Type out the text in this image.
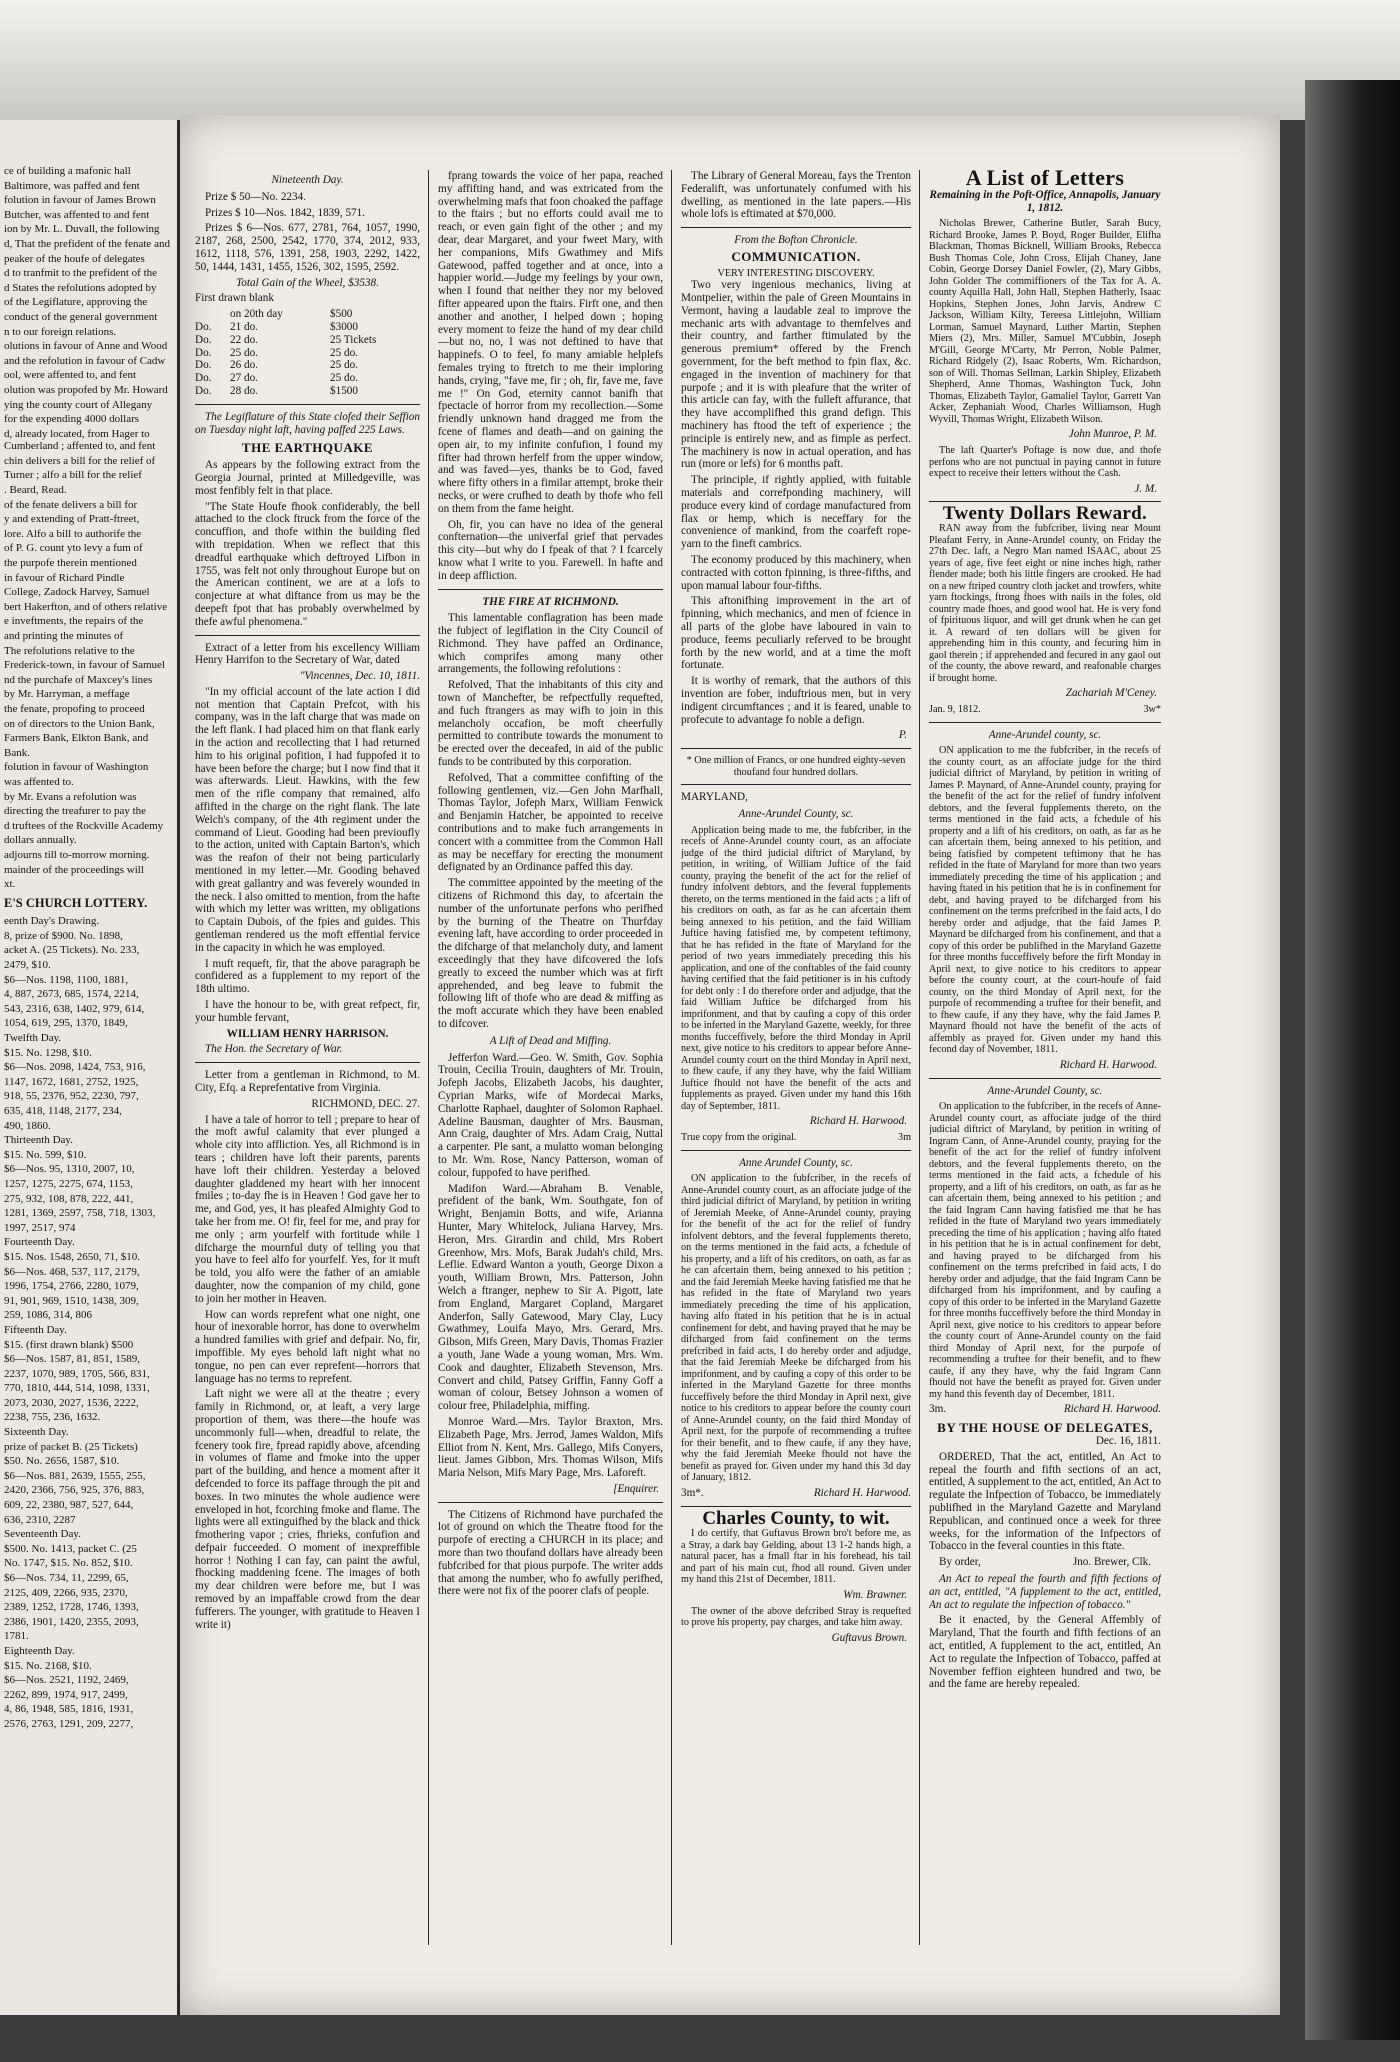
ce of building a mafonic hall

Baltimore, was paffed and fent

folution in favour of James Brown

Butcher, was affented to and fent

ion by Mr. L. Duvall, the following

d, That the prefident of the fenate and

peaker of the houfe of delegates

d to tranfmit to the prefident of the

d States the refolutions adopted by

of the Legiflature, approving the

conduct of the general government

n to our foreign relations.

olutions in favour of Anne and Wood

and the refolution in favour of Cadw

ool, were affented to, and fent

olution was propofed by Mr. Howard

ying the county court of Allegany

for the expending 4000 dollars

d, already located, from Hager to Cumberland ; affented to, and fent

chin delivers a bill for the relief of

Turner ; alfo a bill for the relief

. Beard, Read.

of the fenate delivers a bill for

y and extending of Pratt-ftreet,

lore. Alfo a bill to authorife the

of P. G. count yto levy a fum of

the purpofe therein mentioned

in favour of Richard Pindle

College, Zadock Harvey, Samuel

bert Hakerfton, and of others relative

e inveftments, the repairs of the

and printing the minutes of

The refolutions relative to the

Frederick-town, in favour of Samuel

nd the purchafe of Maxcey's lines

by Mr. Harryman, a meffage

the fenate, propofing to proceed

on of directors to the Union Bank,

Farmers Bank, Elkton Bank, and

Bank.

folution in favour of Washington

was affented to.

by Mr. Evans a refolution was

directing the treafurer to pay the

d truftees of the Rockville Academy

dollars annually.

adjourns till to-morrow morning.

mainder of the proceedings will

xt.

E'S CHURCH LOTTERY.

eenth Day's Drawing.

8, prize of $900. No. 1898,

acket A. (25 Tickets). No. 233,

2479, $10.

$6—Nos. 1198, 1100, 1881,

4, 887, 2673, 685, 1574, 2214,

543, 2316, 638, 1402, 979, 614,

1054, 619, 295, 1370, 1849,

Twelfth Day.

$15. No. 1298, $10.

$6—Nos. 2098, 1424, 753, 916,

1147, 1672, 1681, 2752, 1925,

918, 55, 2376, 952, 2230, 797,

635, 418, 1148, 2177, 234,

490, 1860.

Thirteenth Day.

$15. No. 599, $10.

$6—Nos. 95, 1310, 2007, 10,

1257, 1275, 2275, 674, 1153,

275, 932, 108, 878, 222, 441,

1281, 1369, 2597, 758, 718, 1303,

1997, 2517, 974

Fourteenth Day.

$15. Nos. 1548, 2650, 71, $10.

$6—Nos. 468, 537, 117, 2179,

1996, 1754, 2766, 2280, 1079,

91, 901, 969, 1510, 1438, 309,

259, 1086, 314, 806

Fifteenth Day.

$15. (first drawn blank) $500

$6—Nos. 1587, 81, 851, 1589,

2237, 1070, 989, 1705, 566, 831,

770, 1810, 444, 514, 1098, 1331,

2073, 2030, 2027, 1536, 2222,

2238, 755, 236, 1632.

Sixteenth Day.

prize of packet B. (25 Tickets)

$50. No. 2656, 1587, $10.

$6—Nos. 881, 2639, 1555, 255,

2420, 2366, 756, 925, 376, 883,

609, 22, 2380, 987, 527, 644,

636, 2310, 2287

Seventeenth Day.

$500. No. 1413, packet C. (25

No. 1747, $15. No. 852, $10.

$6—Nos. 734, 11, 2299, 65,

2125, 409, 2266, 935, 2370,

2389, 1252, 1728, 1746, 1393,

2386, 1901, 1420, 2355, 2093,

1781.

Eighteenth Day.

$15. No. 2168, $10.

$6—Nos. 2521, 1192, 2469,

2262, 899, 1974, 917, 2499,

4, 86, 1948, 585, 1816, 1931,

2576, 2763, 1291, 209, 2277,

Nineteenth Day.

Prize $ 50—No. 2234.

Prizes $ 10—Nos. 1842, 1839, 571.

Prizes $ 6—Nos. 677, 2781, 764, 1057, 1990, 2187, 268, 2500, 2542, 1770, 374, 2012, 933, 1612, 1118, 576, 1391, 258, 1903, 2292, 1422, 50, 1444, 1431, 1455, 1526, 302, 1595, 2592.

Total Gain of the Wheel, $3538.

First drawn blank

on 20th day	$500
Do.	21 do.	$3000
Do.	22 do.	25 Tickets
Do.	25 do.	25 do.
Do.	26 do.	25 do.
Do.	27 do.	25 do.
Do.	28 do.	$1500

The Legiflature of this State clofed their Seffion on Tuesday night laft, having paffed 225 Laws.

THE EARTHQUAKE

As appears by the following extract from the Georgia Journal, printed at Milledgeville, was most fenfibly felt in that place.

"The State Houfe fhook confiderably, the bell attached to the clock ftruck from the force of the concuffion, and thofe within the building fled with trepidation. When we reflect that this dreadful earthquake which deftroyed Lifbon in 1755, was felt not only throughout Europe but on the American continent, we are at a lofs to conjecture at what diftance from us may be the deepeft fpot that has probably overwhelmed by thefe awful phenomena."

Extract of a letter from his excellency William Henry Harrifon to the Secretary of War, dated

"Vincennes, Dec. 10, 1811.

"In my official account of the late action I did not mention that Captain Prefcot, with his company, was in the laft charge that was made on the left flank. I had placed him on that flank early in the action and recollecting that I had returned him to his original pofition, I had fuppofed it to have been before the charge; but I now find that it was afterwards. Lieut. Hawkins, with the few men of the rifle company that remained, alfo affifted in the charge on the right flank. The late Welch's company, of the 4th regiment under the command of Lieut. Gooding had been previoufly to the action, united with Captain Barton's, which was the reafon of their not being particularly mentioned in my letter.—Mr. Gooding behaved with great gallantry and was feverely wounded in the neck. I also omitted to mention, from the hafte with which my letter was written, my obligations to Captain Dubois, of the fpies and guides. This gentleman rendered us the moft effential fervice in the capacity in which he was employed.

I muft requeft, fir, that the above paragraph be confidered as a fupplement to my report of the 18th ultimo.

I have the honour to be, with great refpect, fir, your humble fervant,

WILLIAM HENRY HARRISON.

The Hon. the Secretary of War.

Letter from a gentleman in Richmond, to M. City, Efq. a Reprefentative from Virginia.

RICHMOND, DEC. 27.

I have a tale of horror to tell ; prepare to hear of the moft awful calamity that ever plunged a whole city into affliction. Yes, all Richmond is in tears ; children have loft their parents, parents have loft their children. Yesterday a beloved daughter gladdened my heart with her innocent fmiles ; to-day fhe is in Heaven ! God gave her to me, and God, yes, it has pleafed Almighty God to take her from me. O! fir, feel for me, and pray for me only ; arm yourfelf with fortitude while I difcharge the mournful duty of telling you that you have to feel alfo for yourfelf. Yes, for it muft be told, you alfo were the father of an amiable daughter, now the companion of my child, gone to join her mother in Heaven.

How can words reprefent what one night, one hour of inexorable horror, has done to overwhelm a hundred families with grief and defpair. No, fir, impoffible. My eyes behold laft night what no tongue, no pen can ever reprefent—horrors that language has no terms to reprefent.

Laft night we were all at the theatre ; every family in Richmond, or, at leaft, a very large proportion of them, was there—the houfe was uncommonly full—when, dreadful to relate, the fcenery took fire, fpread rapidly above, afcending in volumes of flame and fmoke into the upper part of the building, and hence a moment after it defcended to force its paffage through the pit and boxes. In two minutes the whole audience were enveloped in hot, fcorching fmoke and flame. The lights were all extinguifhed by the black and thick fmothering vapor ; cries, fhrieks, confufion and defpair fucceeded. O moment of inexpreffible horror ! Nothing I can fay, can paint the awful, fhocking maddening fcene. The images of both my dear children were before me, but I was removed by an impaffable crowd from the dear fufferers. The younger, with gratitude to Heaven I write it)

fprang towards the voice of her papa, reached my affifting hand, and was extricated from the overwhelming mafs that foon choaked the paffage to the ftairs ; but no efforts could avail me to reach, or even gain fight of the other ; and my dear, dear Margaret, and your fweet Mary, with her companions, Mifs Gwathmey and Mifs Gatewood, paffed together and at once, into a happier world.—Judge my feelings by your own, when I found that neither they nor my beloved fifter appeared upon the ftairs. Firft one, and then another and another, I helped down ; hoping every moment to feize the hand of my dear child—but no, no, I was not deftined to have that happinefs. O to feel, fo many amiable helplefs females trying to ftretch to me their imploring hands, crying, "fave me, fir ; oh, fir, fave me, fave me !" On God, eternity cannot banifh that fpectacle of horror from my recollection.—Some friendly unknown hand dragged me from the fcene of flames and death—and on gaining the open air, to my infinite confufion, I found my fifter had thrown herfelf from the upper window, and was faved—yes, thanks be to God, faved where fifty others in a fimilar attempt, broke their necks, or were crufhed to death by thofe who fell on them from the fame height.

Oh, fir, you can have no idea of the general confternation—the univerfal grief that pervades this city—but why do I fpeak of that ? I fcarcely know what I write to you. Farewell. In hafte and in deep affliction.

THE FIRE AT RICHMOND.

This lamentable conflagration has been made the fubject of legiflation in the City Council of Richmond. They have paffed an Ordinance, which comprifes among many other arrangements, the following refolutions :

Refolved, That the inhabitants of this city and town of Manchefter, be refpectfully requefted, and fuch ftrangers as may wifh to join in this melancholy occafion, be moft cheerfully permitted to contribute towards the monument to be erected over the deceafed, in aid of the public funds to be contributed by this corporation.

Refolved, That a committee confifting of the following gentlemen, viz.—Gen John Marfhall, Thomas Taylor, Jofeph Marx, William Fenwick and Benjamin Hatcher, be appointed to receive contributions and to make fuch arrangements in concert with a committee from the Common Hall as may be neceffary for erecting the monument defignated by an Ordinance paffed this day.

The committee appointed by the meeting of the citizens of Richmond this day, to afcertain the number of the unfortunate perfons who perifhed by the burning of the Theatre on Thurfday evening laft, have according to order proceeded in the difcharge of that melancholy duty, and lament exceedingly that they have difcovered the lofs greatly to exceed the number which was at firft apprehended, and beg leave to fubmit the following lift of thofe who are dead & miffing as the moft accurate which they have been enabled to difcover.

A Lift of Dead and Miffing.

Jefferfon Ward.—Geo. W. Smith, Gov. Sophia Trouin, Cecilia Trouin, daughters of Mr. Trouin, Jofeph Jacobs, Elizabeth Jacobs, his daughter, Cyprian Marks, wife of Mordecai Marks, Charlotte Raphael, daughter of Solomon Raphael. Adeline Bausman, daughter of Mrs. Bausman, Ann Craig, daughter of Mrs. Adam Craig, Nuttal a carpenter. Ple sant, a mulatto woman belonging to Mr. Wm. Rose, Nancy Patterson, woman of colour, fuppofed to have perifhed.

Madifon Ward.—Abraham B. Venable, prefident of the bank, Wm. Southgate, fon of Wright, Benjamin Botts, and wife, Arianna Hunter, Mary Whitelock, Juliana Harvey, Mrs. Heron, Mrs. Girardin and child, Mrs Robert Greenhow, Mrs. Mofs, Barak Judah's child, Mrs. Leflie. Edward Wanton a youth, George Dixon a youth, William Brown, Mrs. Patterson, John Welch a ftranger, nephew to Sir A. Pigott, late from England, Margaret Copland, Margaret Anderfon, Sally Gatewood, Mary Clay, Lucy Gwathmey, Louifa Mayo, Mrs. Gerard, Mrs. Gibson, Mifs Green, Mary Davis, Thomas Frazier a youth, Jane Wade a young woman, Mrs. Wm. Cook and daughter, Elizabeth Stevenson, Mrs. Convert and child, Patsey Griffin, Fanny Goff a woman of colour, Betsey Johnson a women of colour free, Philadelphia, miffing.

Monroe Ward.—Mrs. Taylor Braxton, Mrs. Elizabeth Page, Mrs. Jerrod, James Waldon, Mifs Elliot from N. Kent, Mrs. Gallego, Mifs Conyers, lieut. James Gibbon, Mrs. Thomas Wilson, Mifs Maria Nelson, Mifs Mary Page, Mrs. Laforeft.

[Enquirer.

The Citizens of Richmond have purchafed the lot of ground on which the Theatre ftood for the purpofe of erecting a CHURCH in its place; and more than two thoufand dollars have already been fubfcribed for that pious purpofe. The writer adds that among the number, who fo awfully perifhed, there were not fix of the poorer clafs of people.

The Library of General Moreau, fays the Trenton Federalift, was unfortunately confumed with his dwelling, as mentioned in the late papers.—His whole lofs is eftimated at $70,000.

From the Bofton Chronicle.
COMMUNICATION.
VERY INTERESTING DISCOVERY.

Two very ingenious mechanics, living at Montpelier, within the pale of Green Mountains in Vermont, having a laudable zeal to improve the mechanic arts with advantage to themfelves and their country, and farther ftimulated by the generous premium* offered by the French government, for the beft method to fpin flax, &c. engaged in the invention of machinery for that purpofe ; and it is with pleafure that the writer of this article can fay, with the fulleft affurance, that they have accomplifhed this grand defign. This machinery has ftood the teft of experience ; the principle is entirely new, and as fimple as perfect. The machinery is now in actual operation, and has run (more or lefs) for 6 months paft.

The principle, if rightly applied, with fuitable materials and correfponding machinery, will produce every kind of cordage manufactured from flax or hemp, which is neceffary for the convenience of mankind, from the coarfeft rope-yarn to the fineft cambrics.

The economy produced by this machinery, when contracted with cotton fpinning, is three-fifths, and upon manual labour four-fifths.

This aftonifhing improvement in the art of fpinning, which mechanics, and men of fcience in all parts of the globe have laboured in vain to produce, feems peculiarly referved to be brought forth by the new world, and at a time the moft fortunate.

It is worthy of remark, that the authors of this invention are fober, induftrious men, but in very indigent circumftances ; and it is feared, unable to profecute to advantage fo noble a defign.

P.

* One million of Francs, or one hundred eighty-seven thoufand four hundred dollars.

MARYLAND,

Anne-Arundel County, sc.

Application being made to me, the fubfcriber, in the recefs of Anne-Arundel county court, as an affociate judge of the third judicial diftrict of Maryland, by petition, in writing, of William Juftice of the faid county, praying the benefit of the act for the relief of fundry infolvent debtors, and the feveral fupplements thereto, on the terms mentioned in the faid acts ; a lift of his creditors on oath, as far as he can afcertain them being annexed to his petition, and the faid William Juftice having fatisfied me, by competent teftimony, that he has refided in the ftate of Maryland for the period of two years immediately preceding this his application, and one of the conftables of the faid county having certified that the faid petitioner is in his cuftody for debt only : I do therefore order and adjudge, that the faid William Juftice be difcharged from his imprifonment, and that by caufing a copy of this order to be inferted in the Maryland Gazette, weekly, for three months fucceffively, before the third Monday in April next, give notice to his creditors to appear before Anne-Arundel county court on the third Monday in April next, to fhew caufe, if any they have, why the faid William Juftice fhould not have the benefit of the acts and fupplements as prayed. Given under my hand this 16th day of September, 1811.

Richard H. Harwood.

True copy from the original.	3m
Anne Arundel County, sc.

ON application to the fubfcriber, in the recefs of Anne-Arundel county court, as an affociate judge of the third judicial diftrict of Maryland, by petition in writing of Jeremiah Meeke, of Anne-Arundel county, praying for the benefit of the act for the relief of fundry infolvent debtors, and the feveral fupplements thereto, on the terms mentioned in the faid acts, a fchedule of his property, and a lift of his creditors, on oath, as far as he can afcertain them, being annexed to his petition ; and the faid Jeremiah Meeke having fatisfied me that he has refided in the ftate of Maryland two years immediately preceding the time of his application, having alfo ftated in his petition that he is in actual confinement for debt, and having prayed that he may be difcharged from faid confinement on the terms prefcribed in faid acts, I do hereby order and adjudge, that the faid Jeremiah Meeke be difcharged from his imprifonment, and by caufing a copy of this order to be inferted in the Maryland Gazette for three months fucceffively before the third Monday in April next, give notice to his creditors to appear before the county court of Anne-Arundel county, on the faid third Monday of April next, for the purpofe of recommending a truftee for their benefit, and to fhew caufe, if any they have, why the faid Jeremiah Meeke fhould not have the benefit as prayed for. Given under my hand this 3d day of January, 1812.

3m*.	Richard H. Harwood.
Charles County, to wit.

I do certify, that Guftavus Brown bro't before me, as a Stray, a dark bay Gelding, about 13 1-2 hands high, a natural pacer, has a fmall ftar in his forehead, his tail and part of his main cut, fhod all round. Given under my hand this 21st of December, 1811.

Wm. Brawner.

The owner of the above defcribed Stray is requefted to prove his property, pay charges, and take him away.

Guftavus Brown.

A List of Letters
Remaining in the Poft-Office, Annapolis, January 1, 1812.

Nicholas Brewer, Catherine Butler, Sarah Bucy, Richard Brooke, James P. Boyd, Roger Builder, Elifha Blackman, Thomas Bicknell, William Brooks, Rebecca Bush Thomas Cole, John Cross, Elijah Chaney, Jane Cobin, George Dorsey Daniel Fowler, (2), Mary Gibbs, John Golder The commiffioners of the Tax for A. A. county Aquilla Hall, John Hall, Stephen Hatherly, Isaac Hopkins, Stephen Jones, John Jarvis, Andrew C Jackson, William Kilty, Tereesa Littlejohn, William Lorman, Samuel Maynard, Luther Martin, Stephen Miers (2), Mrs. Miller, Samuel M'Cubbin, Joseph M'Gill, George M'Carty, Mr Perron, Noble Palmer, Richard Ridgely (2), Isaac Roberts, Wm. Richardson, son of Will. Thomas Sellman, Larkin Shipley, Elizabeth Shepherd, Anne Thomas, Washington Tuck, John Thomas, Elizabeth Taylor, Gamaliel Taylor, Garrett Van Acker, Zephaniah Wood, Charles Williamson, Hugh Wyvill, Thomas Wright, Elizabeth Wilson.

John Munroe, P. M.

The laft Quarter's Poftage is now due, and thofe perfons who are not punctual in paying cannot in future expect to receive their letters without the Cash.

J. M.

Twenty Dollars Reward.

RAN away from the fubfcriber, living near Mount Pleafant Ferry, in Anne-Arundel county, on Friday the 27th Dec. laft, a Negro Man named ISAAC, about 25 years of age, five feet eight or nine inches high, rather flender made; both his little fingers are crooked. He had on a new ftriped country cloth jacket and trowfers, white yarn ftockings, ftrong fhoes with nails in the foles, old country made fhoes, and good wool hat. He is very fond of fpirituous liquor, and will get drunk when he can get it. A reward of ten dollars will be given for apprehending him in this county, and fecuring him in gaol therein ; if apprehended and fecured in any gaol out of the county, the above reward, and reafonable charges if brought home.

Zachariah M'Ceney.

Jan. 9, 1812.	3w*
Anne-Arundel county, sc.

ON application to me the fubfcriber, in the recefs of the county court, as an affociate judge for the third judicial diftrict of Maryland, by petition in writing of James P. Maynard, of Anne-Arundel county, praying for the benefit of the act for the relief of fundry infolvent debtors, and the feveral fupplements thereto, on the terms mentioned in the faid acts, a fchedule of his property and a lift of his creditors, on oath, as far as he can afcertain them, being annexed to his petition, and being fatisfied by competent teftimony that he has refided in the ftate of Maryland for more than two years immediately preceding the time of his application ; and having ftated in his petition that he is in confinement for debt, and having prayed to be difcharged from his confinement on the terms prefcribed in the faid acts, I do hereby order and adjudge, that the faid James P. Maynard be difcharged from his confinement, and that a copy of this order be publifhed in the Maryland Gazette for three months fucceffively before the firft Monday in April next, to give notice to his creditors to appear before the county court, at the court-houfe of faid county, on the third Monday of April next, for the purpofe of recommending a truftee for their benefit, and to fhew caufe, if any they have, why the faid James P. Maynard fhould not have the benefit of the acts of affembly as prayed for. Given under my hand this fecond day of November, 1811.

Richard H. Harwood.

Anne-Arundel County, sc.

On application to the fubfcriber, in the recefs of Anne-Arundel county court, as affociate judge of the third judicial diftrict of Maryland, by petition in writing of Ingram Cann, of Anne-Arundel county, praying for the benefit of the act for the relief of fundry infolvent debtors, and the feveral fupplements thereto, on the terms mentioned in the faid acts, a fchedule of his property, and a lift of his creditors, on oath, as far as he can afcertain them, being annexed to his petition ; and the faid Ingram Cann having fatisfied me that he has refided in the ftate of Maryland two years immediately preceding the time of his application ; having alfo ftated in his petition that he is in actual confinement for debt, and having prayed to be difcharged from his confinement on the terms prefcribed in faid acts, I do hereby order and adjudge, that the faid Ingram Cann be difcharged from his imprifonment, and by caufing a copy of this order to be inferted in the Maryland Gazette for three months fucceffively before the third Monday in April next, give notice to his creditors to appear before the county court of Anne-Arundel county on the faid third Monday of April next, for the purpofe of recommending a truftee for their benefit, and to fhew caufe, if any they have, why the faid Ingram Cann fhould not have the benefit as prayed for. Given under my hand this feventh day of December, 1811.

3m.	Richard H. Harwood.
BY THE HOUSE OF DELEGATES,

Dec. 16, 1811.

ORDERED, That the act, entitled, An Act to repeal the fourth and fifth sections of an act, entitled, A supplement to the act, entitled, An Act to regulate the Infpection of Tobacco, be immediately publifhed in the Maryland Gazette and Maryland Republican, and continued once a week for three weeks, for the information of the Infpectors of Tobacco in the feveral counties in this ftate.

By order,	Jno. Brewer, Clk.

An Act to repeal the fourth and fifth fections of an act, entitled, "A fupplement to the act, entitled, An act to regulate the infpection of tobacco."

Be it enacted, by the General Affembly of Maryland, That the fourth and fifth fections of an act, entitled, A fupplement to the act, entitled, An Act to regulate the Infpection of Tobacco, paffed at November feffion eighteen hundred and two, be and the fame are hereby repealed.
